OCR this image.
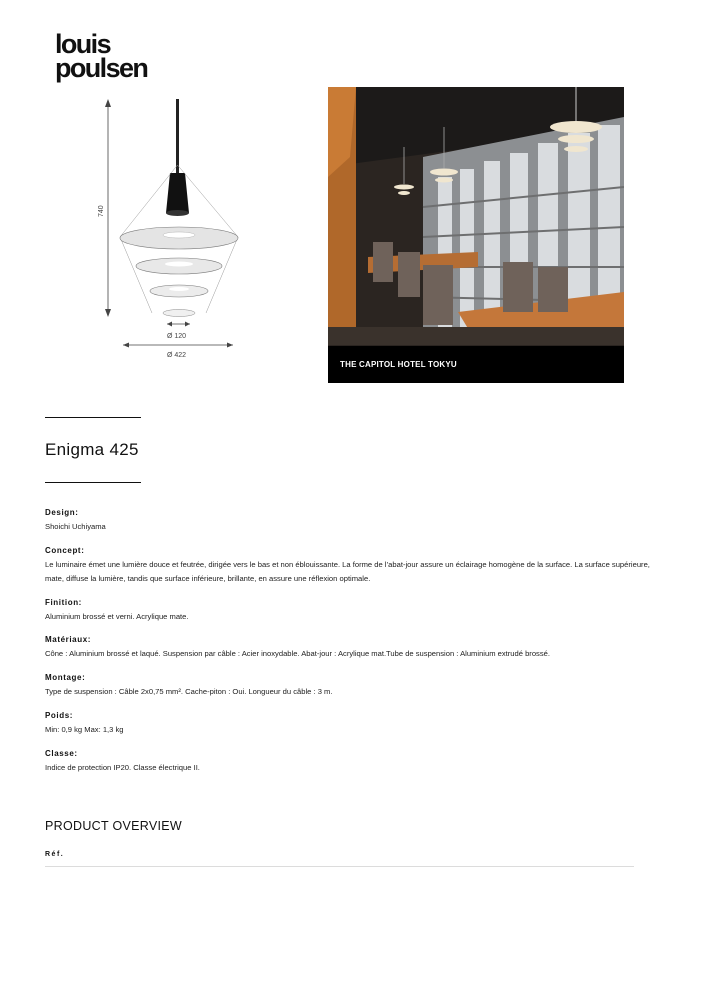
louis
poulsen
740
Ø 120
Ø 422
THE CAPITOL HOTEL TOKYU
Enigma 425
Design:
Shoichi Uchiyama
Concept:
Le luminaire émet une lumière douce et feutrée, dirigée vers le bas et non éblouissante. La forme de l’abat-jour assure un éclairage homogène de la surface. La surface supérieure, mate, diffuse la lumière, tandis que surface inférieure, brillante, en assure une réflexion optimale.
Finition:
Aluminium brossé et verni. Acrylique mate.
Matériaux:
Cône : Aluminium brossé et laqué. Suspension par câble : Acier inoxydable. Abat-jour : Acrylique mat.Tube de suspension : Aluminium extrudé brossé.
Montage:
Type de suspension : Câble 2x0,75 mm². Cache-piton : Oui. Longueur du câble : 3 m.
Poids:
Min: 0,9 kg Max: 1,3 kg
Classe:
Indice de protection IP20. Classe électrique II.
PRODUCT OVERVIEW
Réf.
